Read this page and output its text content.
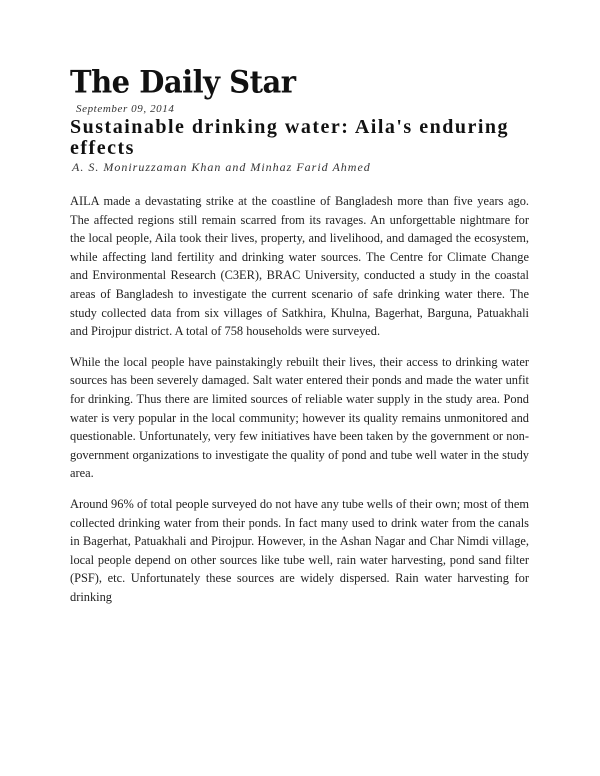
The Daily Star
September 09, 2014
Sustainable drinking water: Aila's enduring effects
A. S. Moniruzzaman Khan and Minhaz Farid Ahmed

AILA made a devastating strike at the coastline of Bangladesh more than five years ago. The affected regions still remain scarred from its ravages. An unforgettable nightmare for the local people, Aila took their lives, property, and livelihood, and damaged the ecosystem, while affecting land fertility and drinking water sources. The Centre for Climate Change and Environmental Research (C3ER), BRAC University, conducted a study in the coastal areas of Bangladesh to investigate the current scenario of safe drinking water there. The study collected data from six villages of Satkhira, Khulna, Bagerhat, Barguna, Patuakhali and Pirojpur district. A total of 758 households were surveyed.

While the local people have painstakingly rebuilt their lives, their access to drinking water sources has been severely damaged. Salt water entered their ponds and made the water unfit for drinking. Thus there are limited sources of reliable water supply in the study area. Pond water is very popular in the local community; however its quality remains unmonitored and questionable. Unfortunately, very few initiatives have been taken by the government or non-government organizations to investigate the quality of pond and tube well water in the study area.

Around 96% of total people surveyed do not have any tube wells of their own; most of them collected drinking water from their ponds. In fact many used to drink water from the canals in Bagerhat, Patuakhali and Pirojpur. However, in the Ashan Nagar and Char Nimdi village, local people depend on other sources like tube well, rain water harvesting, pond sand filter (PSF), etc. Unfortunately these sources are widely dispersed. Rain water harvesting for drinking
